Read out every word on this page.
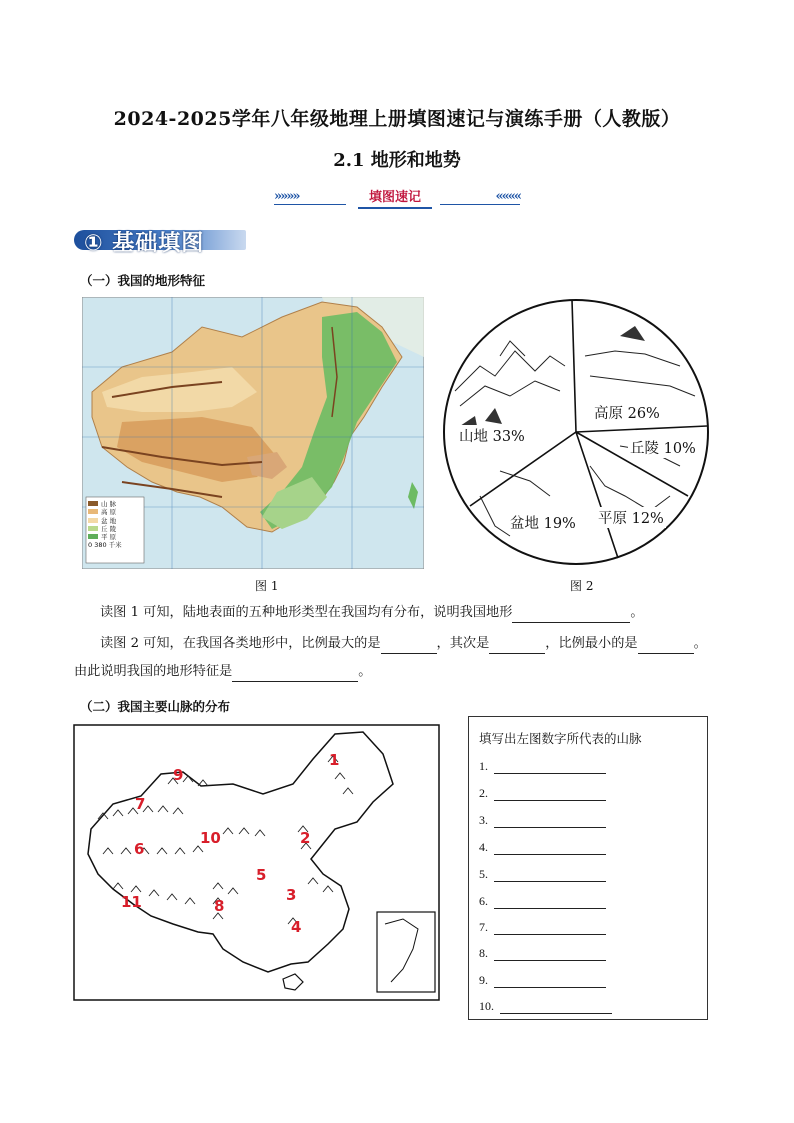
2024-2025学年八年级地理上册填图速记与演练手册（人教版）
2.1 地形和地势
»»»»	填图速记	««««
① 基础填图
（一）我国的地形特征
山 脉
高 原
盆 地
丘 陵
平 原
0 380 千米
山地 33%
高原 26%
丘陵 10%
盆地 19% 平原 12%
图 1	图 2
读图 1 可知，陆地表面的五种地形类型在我国均有分布，说明我国地形	。
读图 2 可知，在我国各类地形中，比例最大的是	，其次是	，比例最小的是	。
由此说明我国的地形特征是	。
（二）我国主要山脉的分布
1
2
3
4
5
6
7
8
9
10
11
填写出左图数字所代表的山脉
1.
2.
3.
4.
5.
6.
7.
8.
9.
10.
